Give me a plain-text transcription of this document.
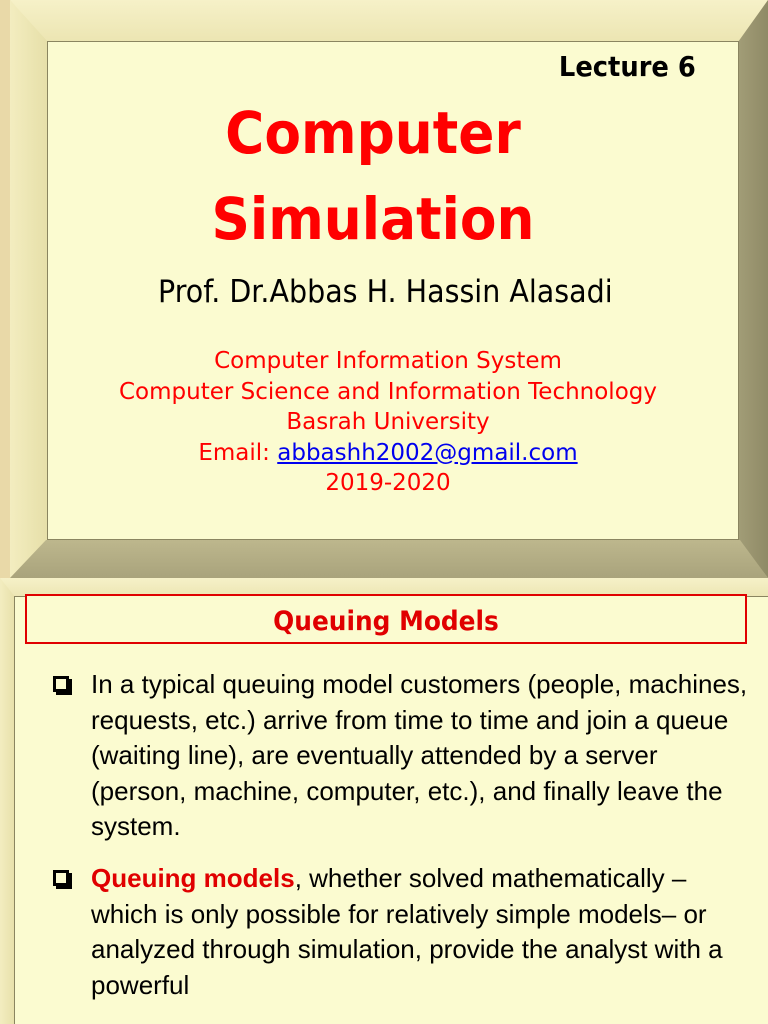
Lecture 6
Computer
Simulation
Prof. Dr.Abbas H. Hassin Alasadi
Computer Information System
Computer Science and Information Technology
Basrah University
Email: abbashh2002@gmail.com
2019-2020
Queuing Models
In a typical queuing model customers (people, machines, requests, etc.) arrive from time to time and join a queue (waiting line), are eventually attended by a server (person, machine, computer, etc.), and finally leave the system.
Queuing models, whether solved mathematically –which is only possible for relatively simple models– or analyzed through simulation, provide the analyst with a powerful
